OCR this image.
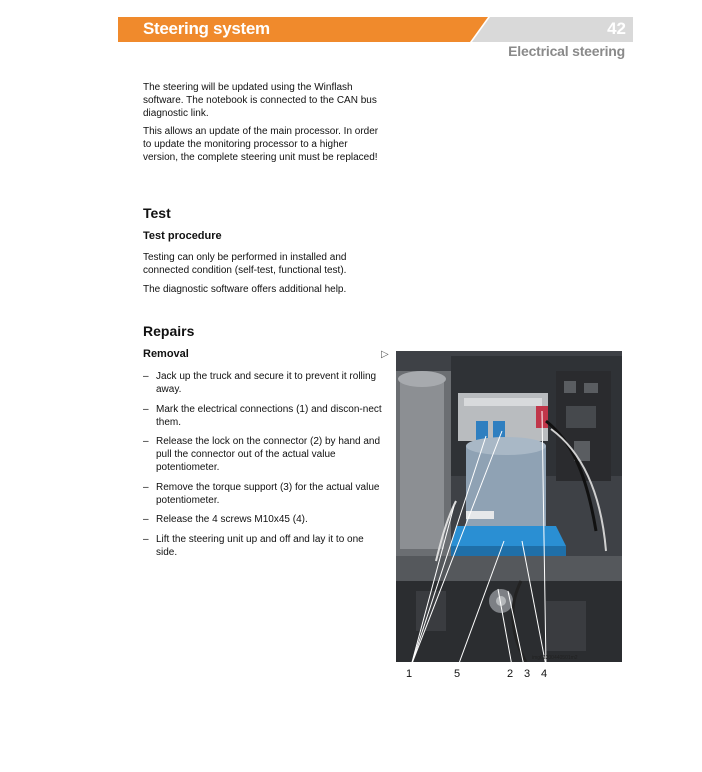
Steering system	42
Electrical steering
The steering will be updated using the Winflash software. The notebook is connected to the CAN bus diagnostic link.
This allows an update of the main processor. In order to update the monitoring processor to a higher version, the complete steering unit must be replaced!
Test
Test procedure
Testing can only be performed in installed and connected condition (self-test, functional test).
The diagnostic software offers additional help.
Repairs
Removal
– Jack up the truck and secure it to prevent it rolling away.
– Mark the electrical connections (1) and discon-nect them.
– Release the lock on the connector (2) by hand and pull the connector out of the actual value potentiometer.
– Remove the torque support (3) for the actual value potentiometer.
– Release the 4 screws M10x45 (4).
– Lift the steering unit up and off and lay it to one side.
▷
img61200440501m2
1	5	2 3 4
